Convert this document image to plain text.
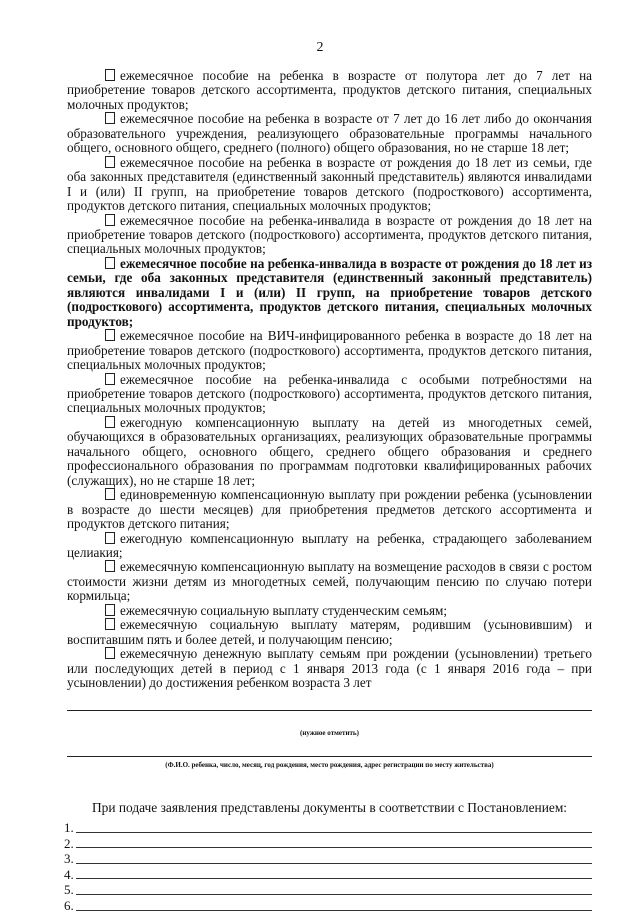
2

ежемесячное пособие на ребенка в возрасте от полутора лет до 7 лет на приобретение товаров детского ассортимента, продуктов детского питания, специальных молочных продуктов;

ежемесячное пособие на ребенка в возрасте от 7 лет до 16 лет либо до окончания образовательного учреждения, реализующего образовательные программы начального общего, основного общего, среднего (полного) общего образования, но не старше 18 лет;

ежемесячное пособие на ребенка в возрасте от рождения до 18 лет из семьи, где оба законных представителя (единственный законный представитель) являются инвалидами I и (или) II групп, на приобретение товаров детского (подросткового) ассортимента, продуктов детского питания, специальных молочных продуктов;

ежемесячное пособие на ребенка-инвалида в возрасте от рождения до 18 лет на приобретение товаров детского (подросткового) ассортимента, продуктов детского питания, специальных молочных продуктов;

ежемесячное пособие на ребенка-инвалида в возрасте от рождения до 18 лет из семьи, где оба законных представителя (единственный законный представитель) являются инвалидами I и (или) II групп, на приобретение товаров детского (подросткового) ассортимента, продуктов детского питания, специальных молочных продуктов;

ежемесячное пособие на ВИЧ-инфицированного ребенка в возрасте до 18 лет на приобретение товаров детского (подросткового) ассортимента, продуктов детского питания, специальных молочных продуктов;

ежемесячное пособие на ребенка-инвалида с особыми потребностями на приобретение товаров детского (подросткового) ассортимента, продуктов детского питания, специальных молочных продуктов;

ежегодную компенсационную выплату на детей из многодетных семей, обучающихся в образовательных организациях, реализующих образовательные программы начального общего, основного общего, среднего общего образования и среднего профессионального образования по программам подготовки квалифицированных рабочих (служащих), но не старше 18 лет;

единовременную компенсационную выплату при рождении ребенка (усыновлении в возрасте до шести месяцев) для приобретения предметов детского ассортимента и продуктов детского питания;

ежегодную компенсационную выплату на ребенка, страдающего заболеванием целиакия;

ежемесячную компенсационную выплату на возмещение расходов в связи с ростом стоимости жизни детям из многодетных семей, получающим пенсию по случаю потери кормильца;

ежемесячную социальную выплату студенческим семьям;

ежемесячную социальную выплату матерям, родившим (усыновившим) и воспитавшим пять и более детей, и получающим пенсию;

ежемесячную денежную выплату семьям при рождении (усыновлении) третьего или последующих детей в период с 1 января 2013 года (с 1 января 2016 года – при усыновлении) до достижения ребенком возраста 3 лет

(нужное отметить)
(Ф.И.О. ребенка, число, месяц, год рождения, место рождения, адрес регистрации по месту жительства)
При подаче заявления представлены документы в соответствии с Постановлением:
1.
2.
3.
4.
5.
6.
